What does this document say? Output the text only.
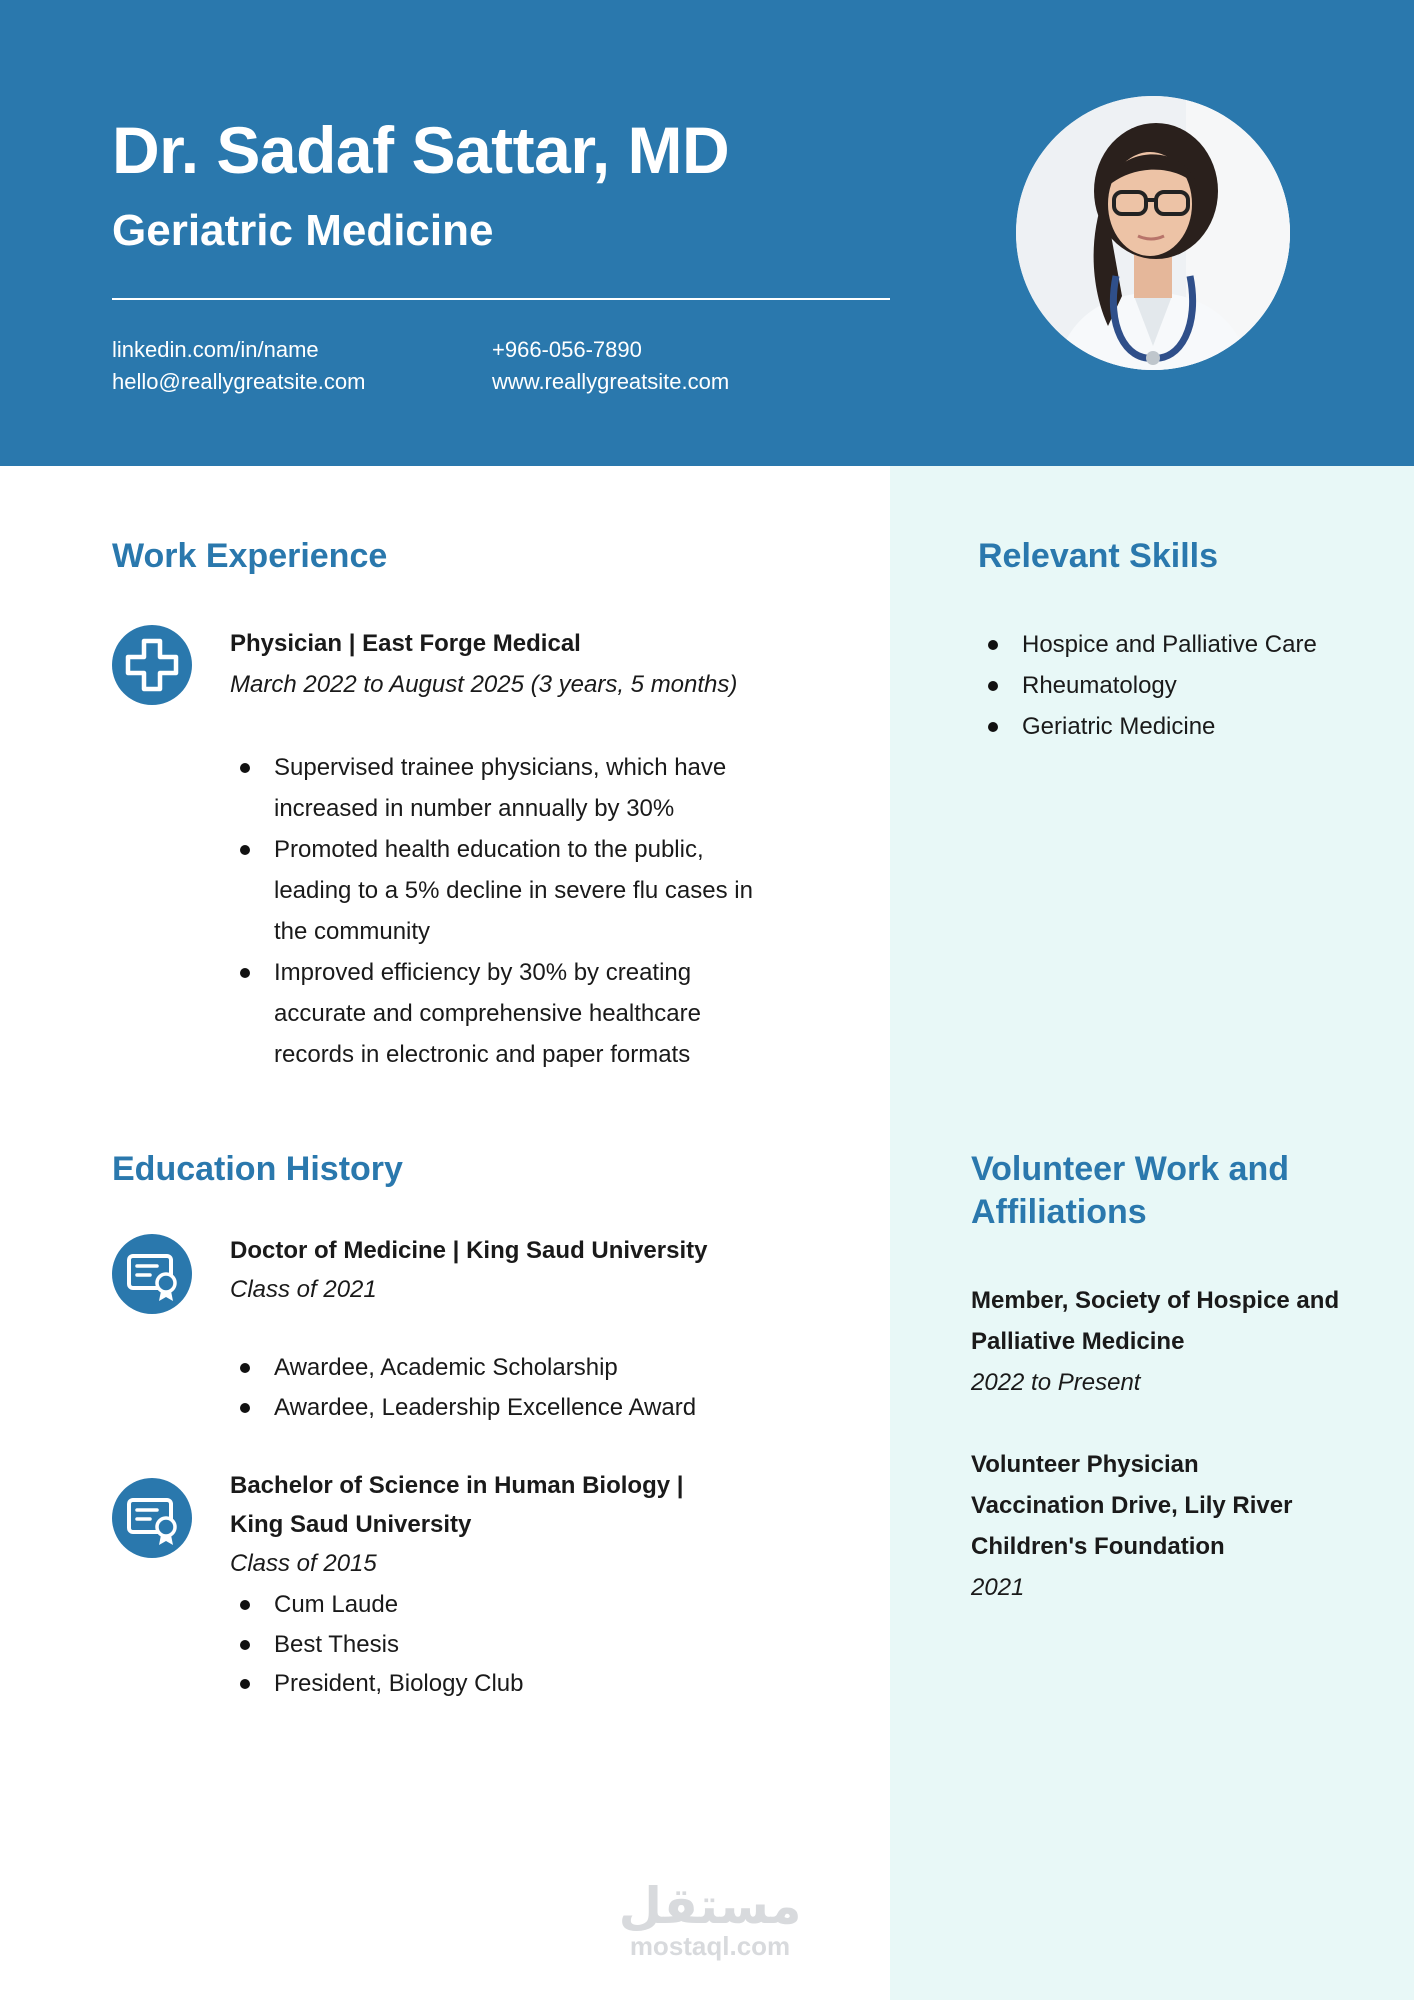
Dr. Sadaf Sattar, MD
Geriatric Medicine
linkedin.com/in/name
hello@reallygreatsite.com
+966-056-7890
www.reallygreatsite.com
Work Experience
Physician | East Forge Medical
March 2022 to August 2025 (3 years, 5 months)
Supervised trainee physicians, which have increased in number annually by 30%
Promoted health education to the public, leading to a 5% decline in severe flu cases in the community
Improved efficiency by 30% by creating accurate and comprehensive healthcare records in electronic and paper formats
Education History
Doctor of Medicine | King Saud University
Class of 2021
Awardee, Academic Scholarship
Awardee, Leadership Excellence Award
Bachelor of Science in Human Biology |
King Saud University
Class of 2015
Cum Laude
Best Thesis
President, Biology Club
Relevant Skills
Hospice and Palliative Care
Rheumatology
Geriatric Medicine
Volunteer Work and
Affiliations
Member, Society of Hospice and
Palliative Medicine
2022 to Present
Volunteer Physician
Vaccination Drive, Lily River
Children's Foundation
2021
مستقل
mostaql.com
